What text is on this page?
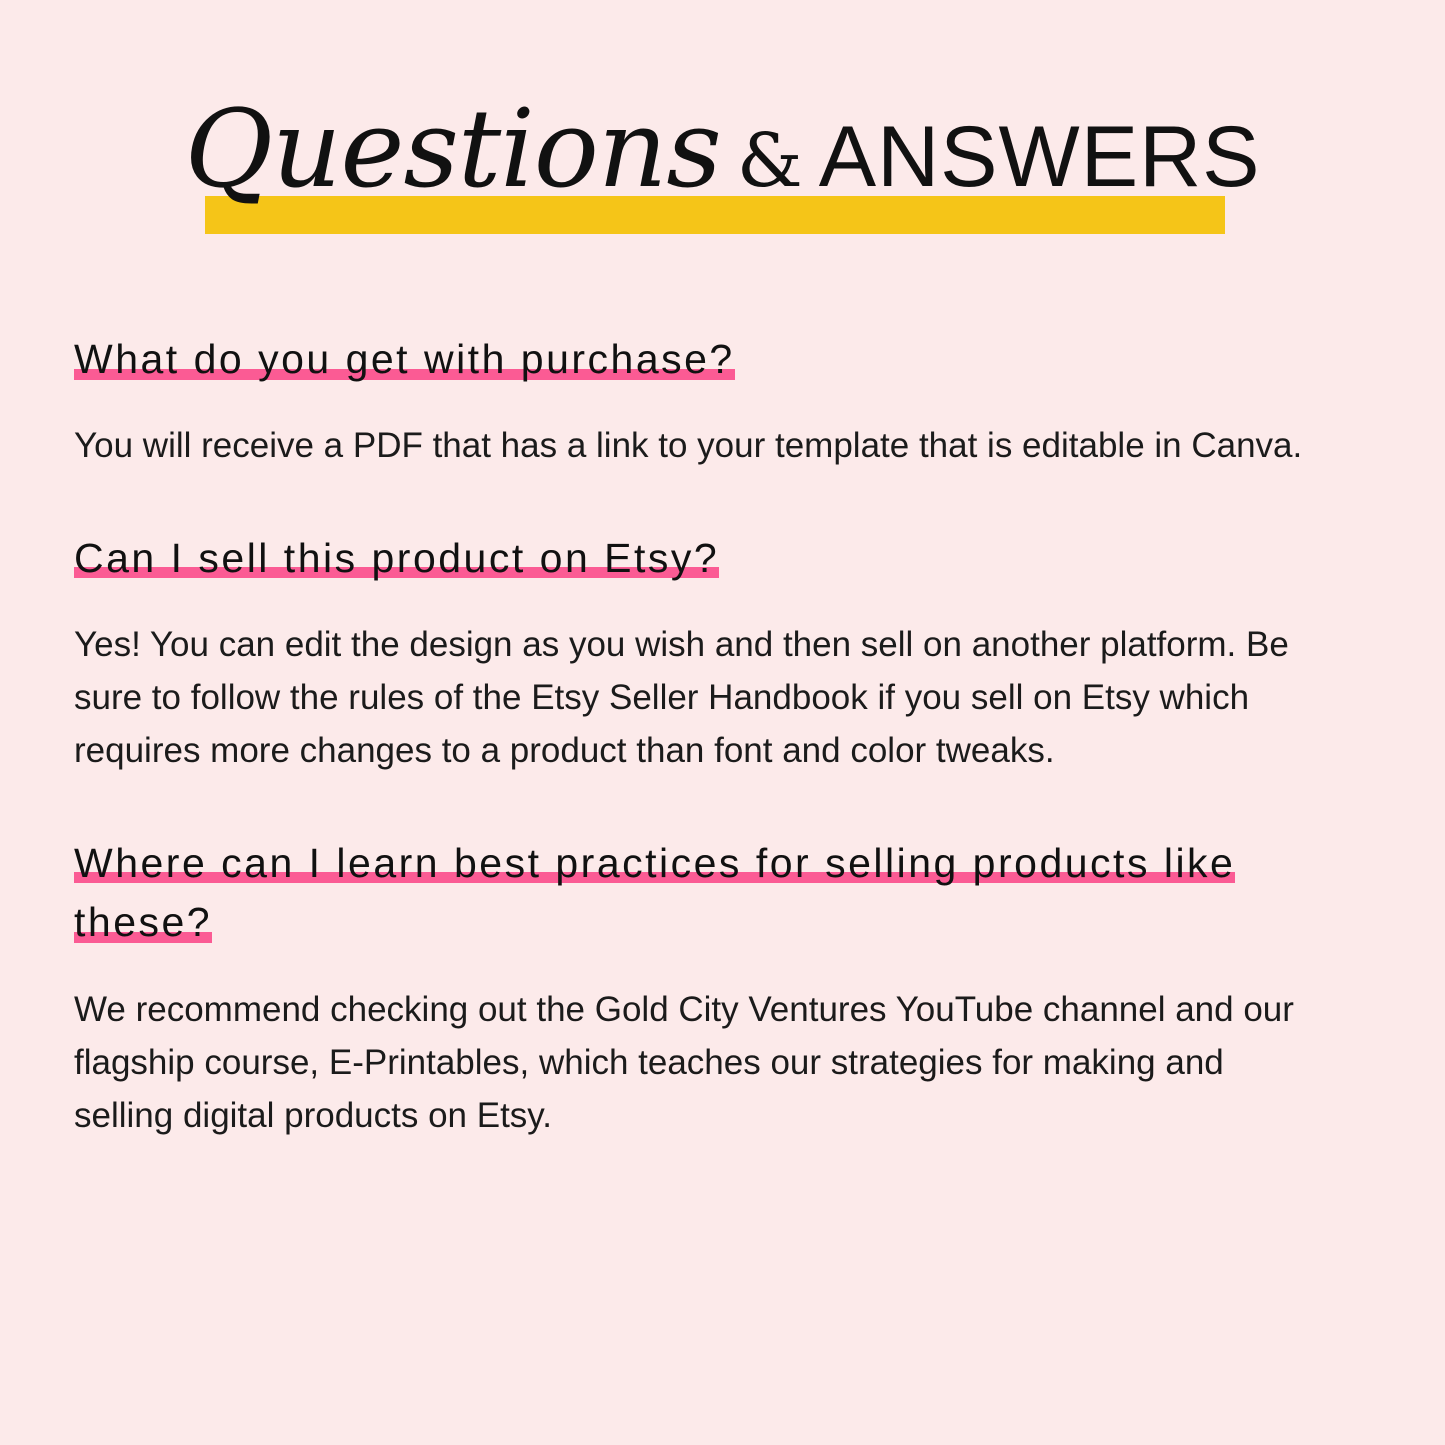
Questions & ANSWERS
What do you get with purchase?

You will receive a PDF that has a link to your template that is editable in Canva.

Can I sell this product on Etsy?

Yes! You can edit the design as you wish and then sell on another platform. Be sure to follow the rules of the Etsy Seller Handbook if you sell on Etsy which requires more changes to a product than font and color tweaks.

Where can I learn best practices for selling products like these?

We recommend checking out the Gold City Ventures YouTube channel and our flagship course, E-Printables, which teaches our strategies for making and selling digital products on Etsy.
